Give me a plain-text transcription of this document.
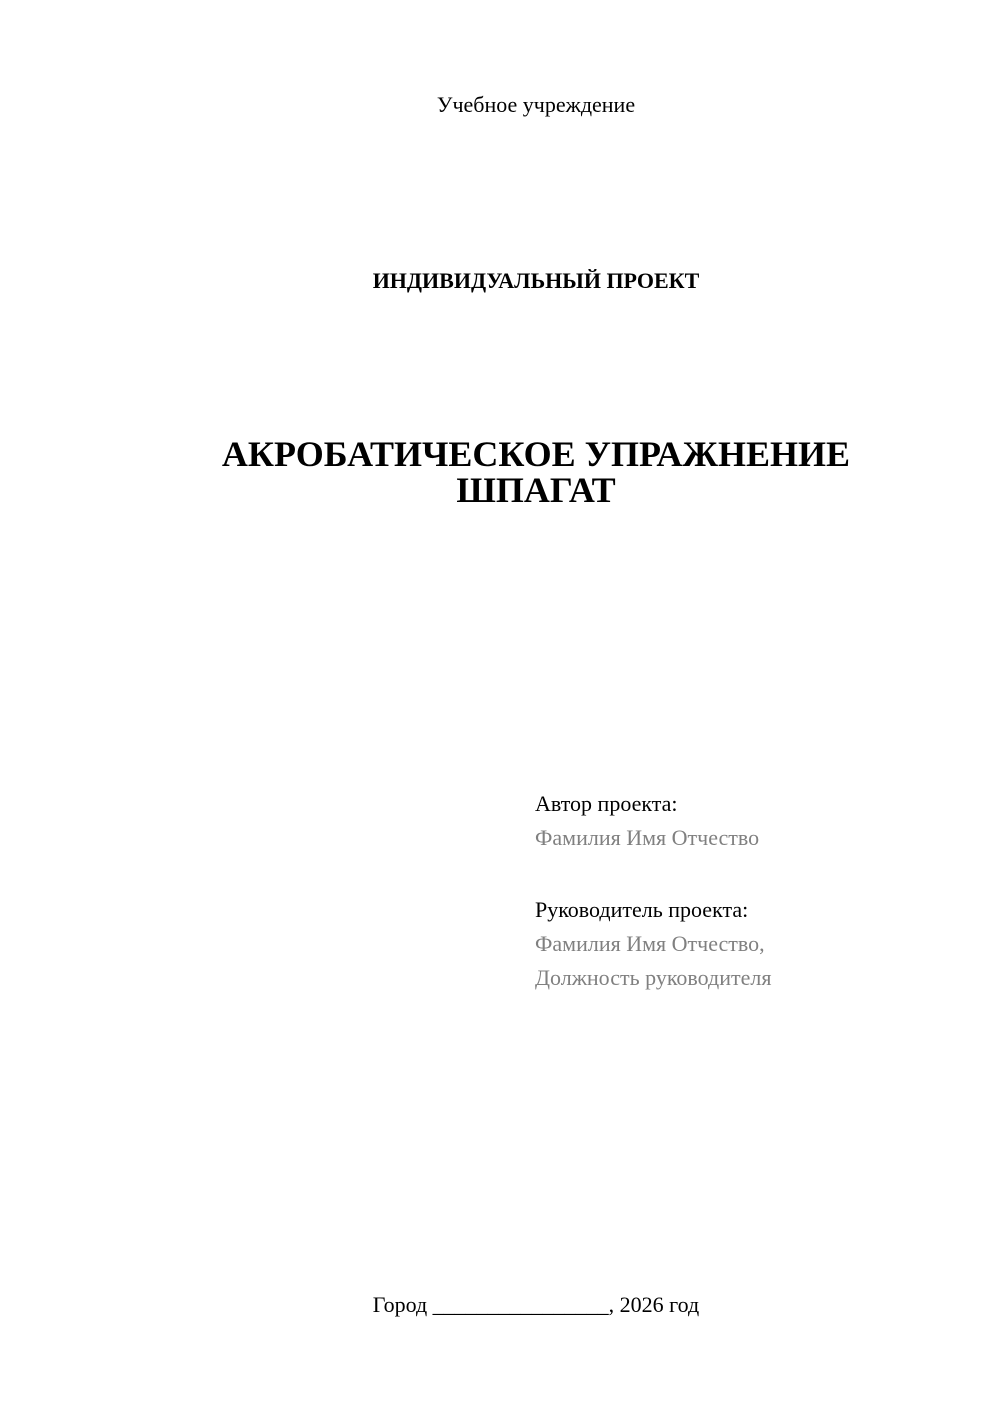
Учебное учреждение
ИНДИВИДУАЛЬНЫЙ ПРОЕКТ
АКРОБАТИЧЕСКОЕ УПРАЖНЕНИЕ
ШПАГАТ
Автор проекта:
Фамилия Имя Отчество
Руководитель проекта:
Фамилия Имя Отчество,
Должность руководителя
Город ________________, 2026 год
